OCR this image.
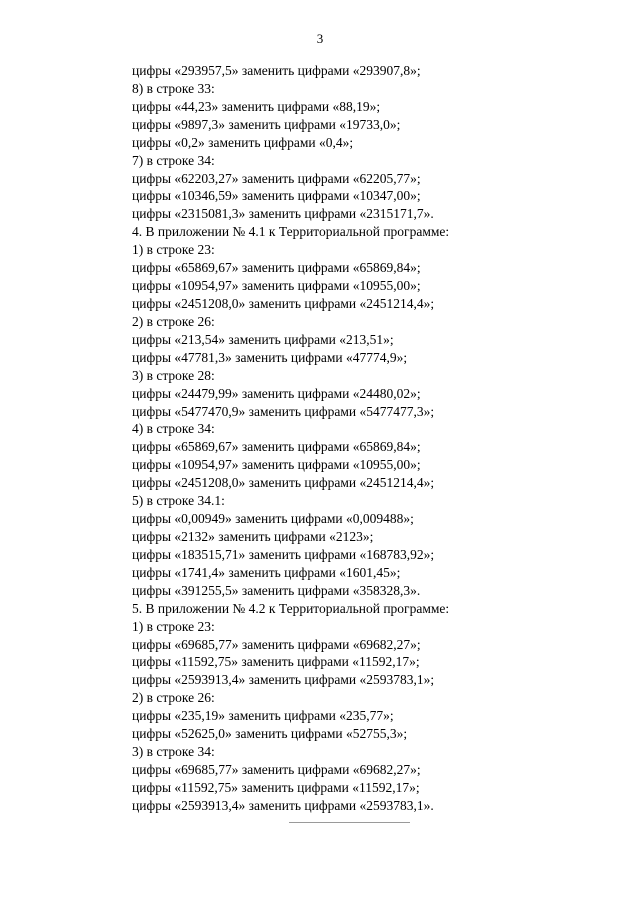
3
цифры «293957,5» заменить цифрами «293907,8»;
8) в строке 33:
цифры «44,23» заменить цифрами «88,19»;
цифры «9897,3» заменить цифрами «19733,0»;
цифры «0,2» заменить цифрами «0,4»;
7) в строке 34:
цифры «62203,27» заменить цифрами «62205,77»;
цифры «10346,59» заменить цифрами «10347,00»;
цифры «2315081,3» заменить цифрами «2315171,7».
4. В приложении № 4.1 к Территориальной программе:
1) в строке 23:
цифры «65869,67» заменить цифрами «65869,84»;
цифры «10954,97» заменить цифрами «10955,00»;
цифры «2451208,0» заменить цифрами «2451214,4»;
2) в строке 26:
цифры «213,54» заменить цифрами «213,51»;
цифры «47781,3» заменить цифрами «47774,9»;
3) в строке 28:
цифры «24479,99» заменить цифрами «24480,02»;
цифры «5477470,9» заменить цифрами «5477477,3»;
4) в строке 34:
цифры «65869,67» заменить цифрами «65869,84»;
цифры «10954,97» заменить цифрами «10955,00»;
цифры «2451208,0» заменить цифрами «2451214,4»;
5) в строке 34.1:
цифры «0,00949» заменить цифрами «0,009488»;
цифры «2132» заменить цифрами «2123»;
цифры «183515,71» заменить цифрами «168783,92»;
цифры «1741,4» заменить цифрами «1601,45»;
цифры «391255,5» заменить цифрами «358328,3».
5. В приложении № 4.2 к Территориальной программе:
1) в строке 23:
цифры «69685,77» заменить цифрами «69682,27»;
цифры «11592,75» заменить цифрами «11592,17»;
цифры «2593913,4» заменить цифрами «2593783,1»;
2) в строке 26:
цифры «235,19» заменить цифрами «235,77»;
цифры «52625,0» заменить цифрами «52755,3»;
3) в строке 34:
цифры «69685,77» заменить цифрами «69682,27»;
цифры «11592,75» заменить цифрами «11592,17»;
цифры «2593913,4» заменить цифрами «2593783,1».
